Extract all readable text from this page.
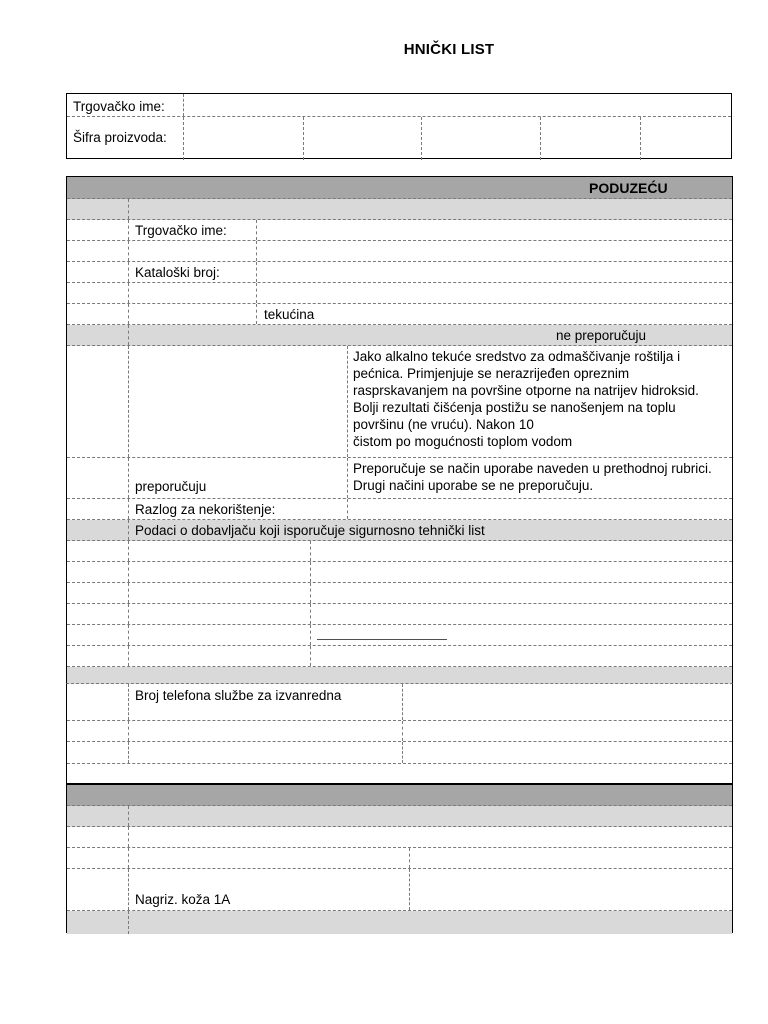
HNIČKI LIST
Trgovačko ime:
Šifra proizvoda:
PODUZEĆU
Trgovačko ime:
Kataloški broj:
tekućina
ne preporučuju
Jako alkalno tekuće sredstvo za odmaščivanje roštilja i pećnica. Primjenjuje se nerazrijeđen opreznim rasprskavanjem na površine otporne na natrijev hidroksid. Bolji rezultati čišćenja postižu se nanošenjem na toplu površinu (ne vruću). Nakon 10
čistom po mogućnosti toplom vodom
preporučuju
Preporučuje se način uporabe naveden u prethodnoj rubrici. Drugi načini uporabe se ne preporučuju.
Razlog za nekorištenje:
Podaci o dobavljaču koji isporučuje sigurnosno tehnički list
Broj telefona službe za izvanredna
Nagriz. koža 1A
